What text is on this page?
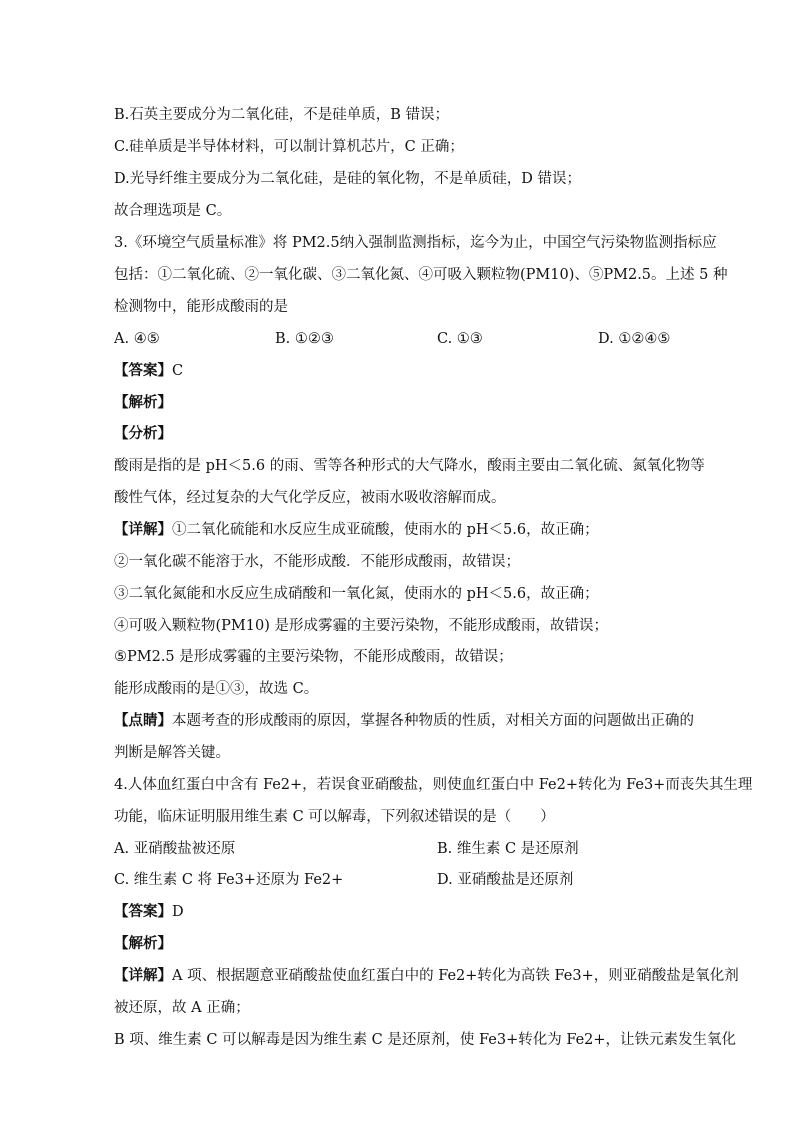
B.石英主要成分为二氧化硅，不是硅单质，B 错误；
C.硅单质是半导体材料，可以制计算机芯片，C 正确；
D.光导纤维主要成分为二氧化硅，是硅的氧化物，不是单质硅，D 错误；
故合理选项是 C。
3.《环境空气质量标准》将 PM2.5纳入强制监测指标，迄今为止，中国空气污染物监测指标应
包括：①二氧化硫、②一氧化碳、③二氧化氮、④可吸入颗粒物(PM10)、⑤PM2.5。上述 5 种
检测物中，能形成酸雨的是
A. ④⑤	B. ①②③	C. ①③	D. ①②④⑤
【答案】C
【解析】
【分析】
酸雨是指的是 pH＜5.6 的雨、雪等各种形式的大气降水，酸雨主要由二氧化硫、氮氧化物等
酸性气体，经过复杂的大气化学反应，被雨水吸收溶解而成。
【详解】①二氧化硫能和水反应生成亚硫酸，使雨水的 pH＜5.6，故正确；
②一氧化碳不能溶于水，不能形成酸．不能形成酸雨，故错误；
③二氧化氮能和水反应生成硝酸和一氧化氮，使雨水的 pH＜5.6，故正确；
④可吸入颗粒物(PM10) 是形成雾霾的主要污染物，不能形成酸雨，故错误；
⑤PM2.5 是形成雾霾的主要污染物，不能形成酸雨，故错误；
能形成酸雨的是①③，故选 C。
【点睛】本题考查的形成酸雨的原因，掌握各种物质的性质，对相关方面的问题做出正确的
判断是解答关键。
4.人体血红蛋白中含有 Fe2+，若误食亚硝酸盐，则使血红蛋白中 Fe2+转化为 Fe3+而丧失其生理
功能，临床证明服用维生素 C 可以解毒，下列叙述错误的是（　　）
A. 亚硝酸盐被还原	B. 维生素 C 是还原剂
C. 维生素 C 将 Fe3+还原为 Fe2+	D. 亚硝酸盐是还原剂
【答案】D
【解析】
【详解】A 项、根据题意亚硝酸盐使血红蛋白中的 Fe2+转化为高铁 Fe3+，则亚硝酸盐是氧化剂
被还原，故 A 正确；
B 项、维生素 C 可以解毒是因为维生素 C 是还原剂，使 Fe3+转化为 Fe2+，让铁元素发生氧化
